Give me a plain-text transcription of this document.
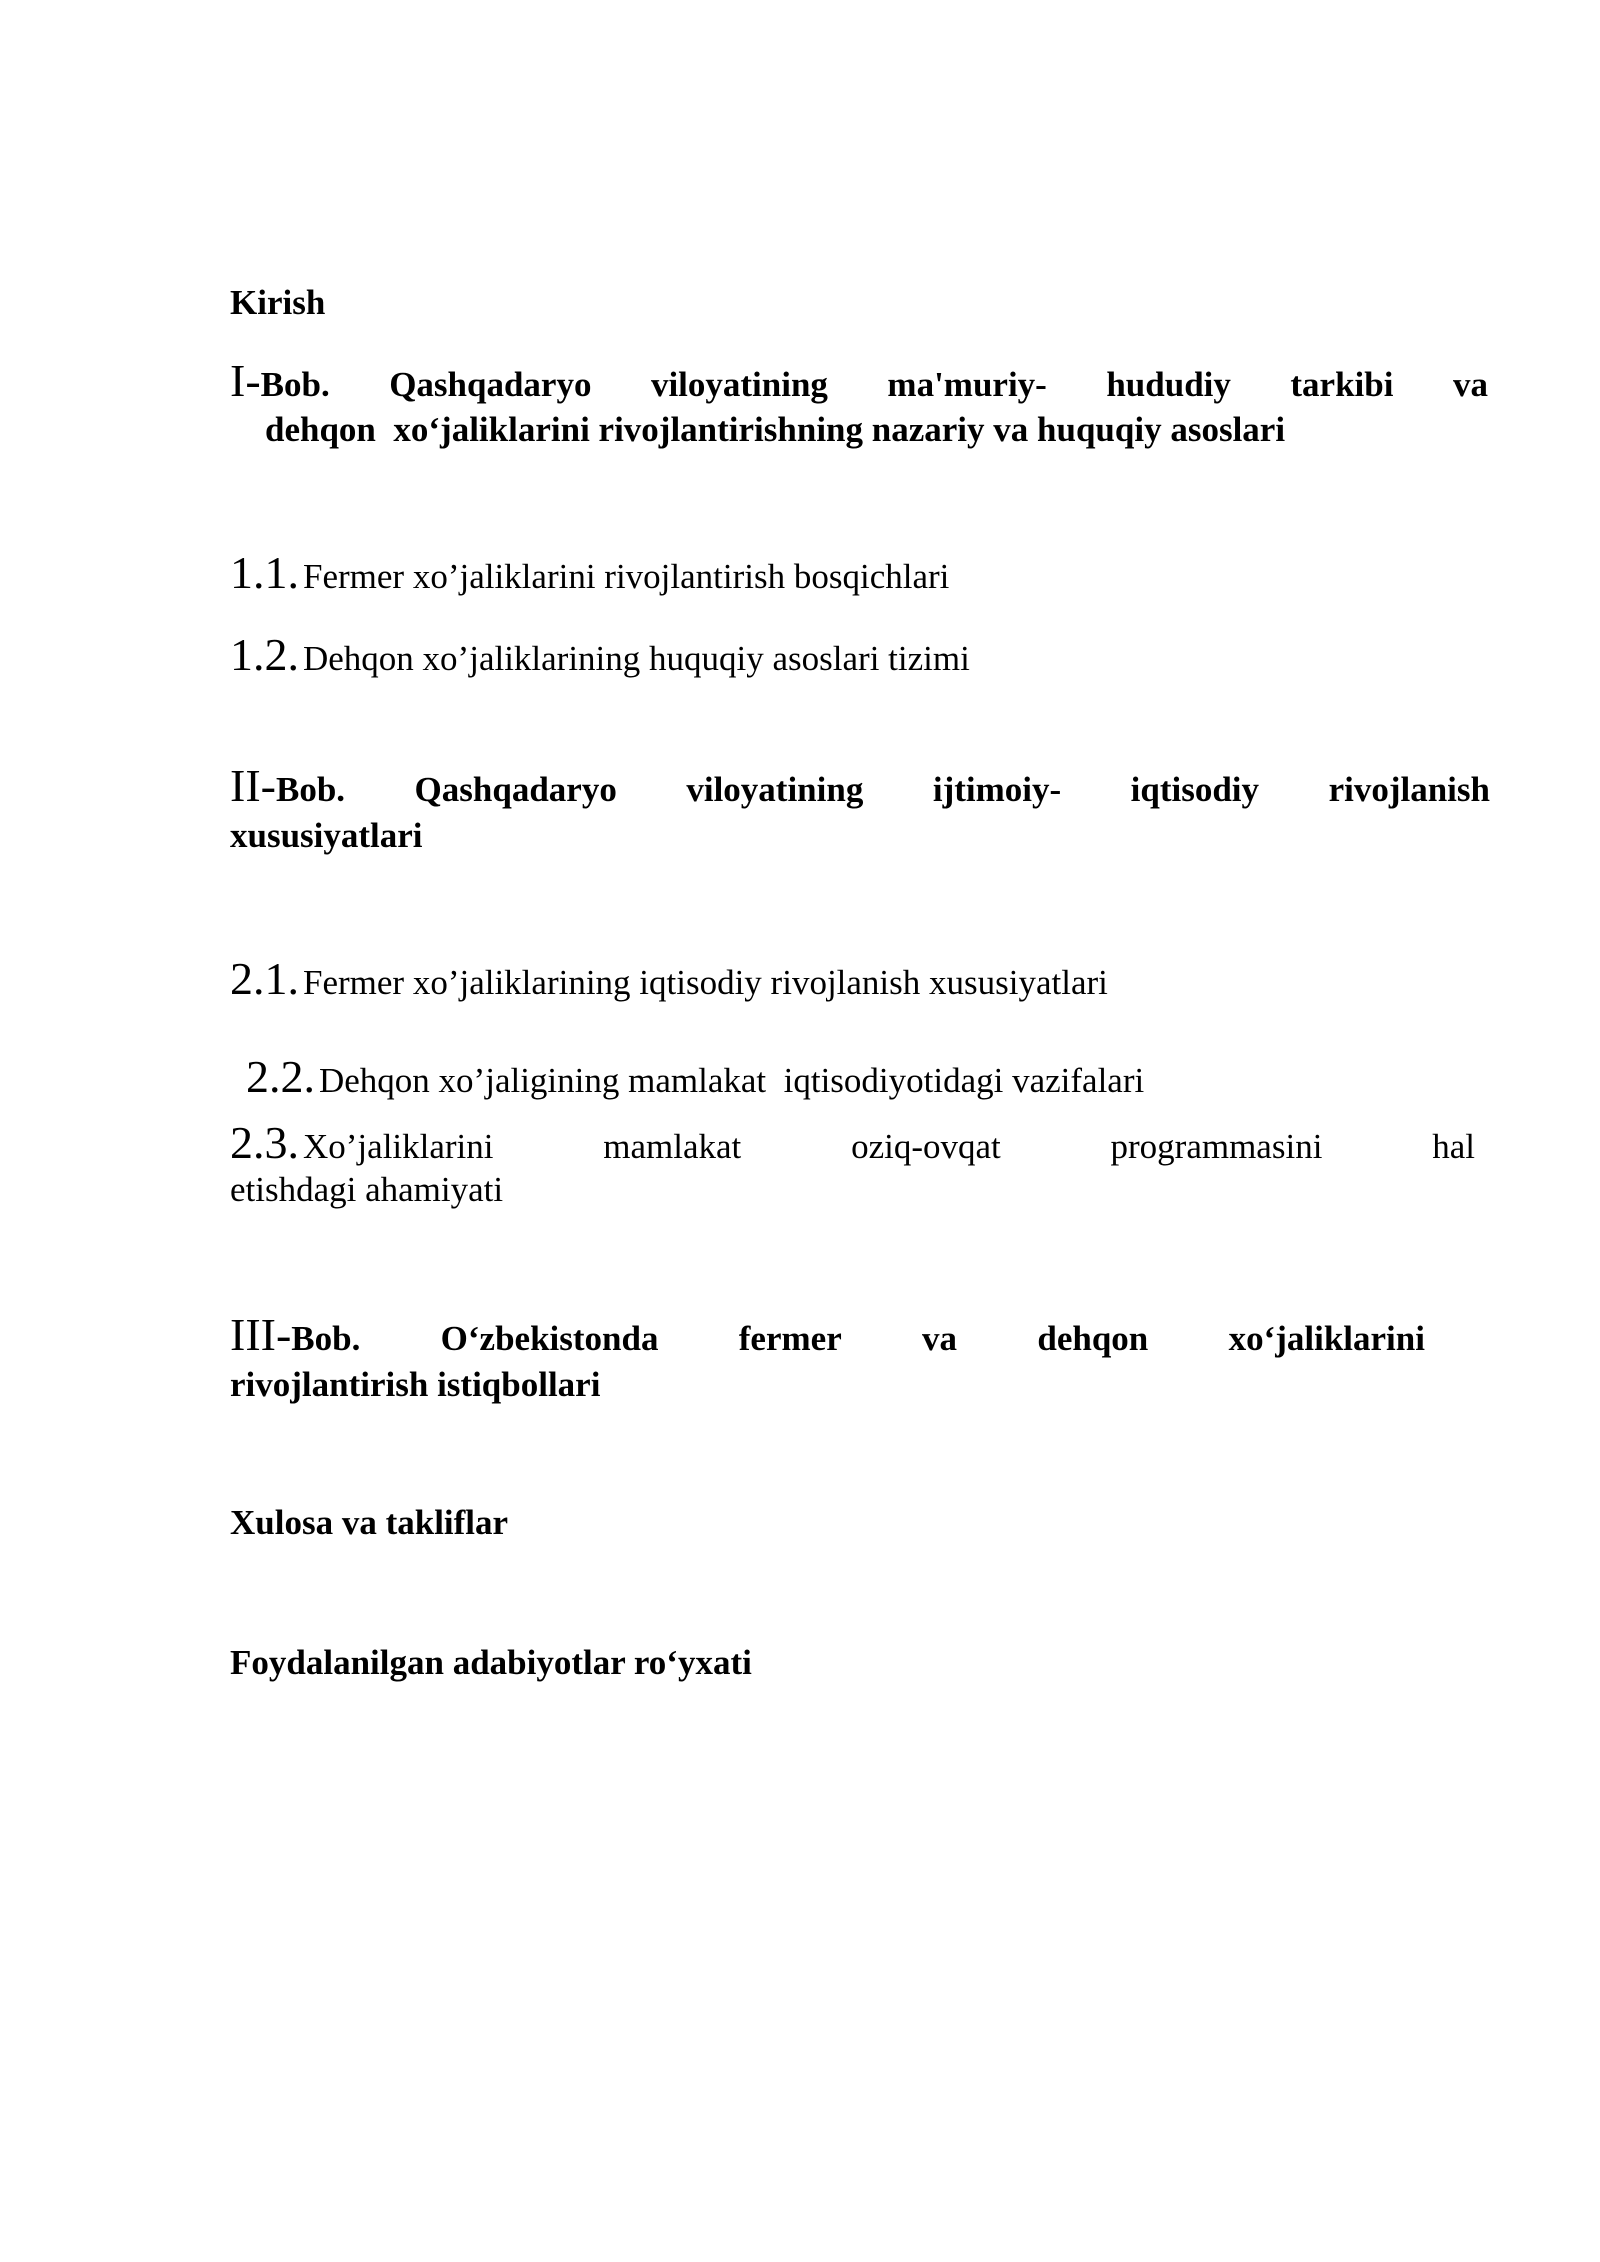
Kirish
I-Bob. Qashqadaryo viloyatining ma'muriy- hududiy tarkibi va
dehqon  xo‘jaliklarini rivojlantirishning nazariy va huquqiy asoslari
1.1. Fermer xo’jaliklarini rivojlantirish bosqichlari
1.2. Dehqon xo’jaliklarining huquqiy asoslari tizimi
II-Bob. Qashqadaryo viloyatining ijtimoiy- iqtisodiy rivojlanish
xususiyatlari
2.1. Fermer xo’jaliklarining iqtisodiy rivojlanish xususiyatlari

2.2. Dehqon xo’jaligining mamlakat  iqtisodiyotidagi vazifalari

2.3. Xo’jaliklarini	mamlakat	oziq-ovqat	programmasini	hal
etishdagi ahamiyati
III-Bob. O‘zbekistonda fermer va dehqon xo‘jaliklarini
rivojlantirish istiqbollari
Xulosa va takliflar
Foydalanilgan adabiyotlar ro‘yxati
